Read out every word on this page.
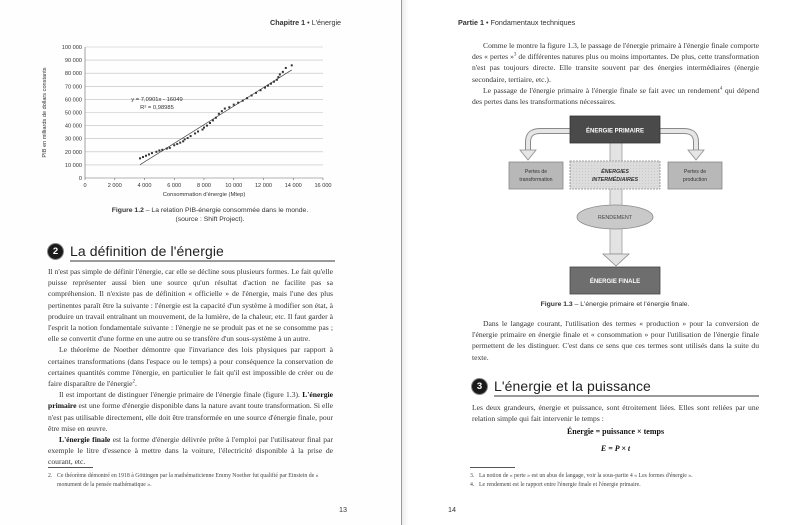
Chapitre 1 • L'énergie
0
10 000
20 000
30 000
40 000
50 000
60 000
70 000
80 000
90 000
100 000
0	2 000	4 000	6 000	8 000	10 000 12 000 14 000 16 000
Consommation d'énergie (Mtep)
PIB en milliards de dollars constants	y = 7,0901x - 16049
R² = 0,98985
Figure 1.2 – La relation PIB-énergie consommée dans le monde.
(source : Shift Project).
2 La définition de l'énergie

Il n'est pas simple de définir l'énergie, car elle se décline sous plusieurs formes. Le fait qu'elle puisse représenter aussi bien une source qu'un résultat d'action ne facilite pas sa compréhension. Il n'existe pas de définition « officielle » de l'énergie, mais l'une des plus pertinentes paraît être la suivante : l'énergie est la capacité d'un système à modifier son état, à produire un travail entraînant un mouvement, de la lumière, de la chaleur, etc. Il faut garder à l'esprit la notion fondamentale suivante : l'énergie ne se produit pas et ne se consomme pas ; elle se convertit d'une forme en une autre ou se transfère d'un sous-système à un autre.

Le théorème de Noether démontre que l'invariance des lois physiques par rapport à certaines transformations (dans l'espace ou le temps) a pour conséquence la conservation de certaines quantités comme l'énergie, en particulier le fait qu'il est impossible de créer ou de faire disparaître de l'énergie$^2$.

Il est important de distinguer l'énergie primaire de l'énergie finale (figure 1.3). L'énergie primaire est une forme d'énergie disponible dans la nature avant toute transformation. Si elle n'est pas utilisable directement, elle doit être transformée en une source d'énergie finale, pour être mise en œuvre.

L'énergie finale est la forme d'énergie délivrée prête à l'emploi par l'utilisateur final par exemple le litre d'essence à mettre dans la voiture, l'électricité disponible à la prise de courant, etc.

2. Ce théorème démontré en 1918 à Göttingen par la mathématicienne Emmy Noether fut qualifié par Einstein de « monument de la pensée mathématique ».
13
Partie 1 • Fondamentaux techniques

Comme le montre la figure 1.3, le passage de l'énergie primaire à l'énergie finale comporte des « pertes »$^3$ de différentes natures plus ou moins importantes. De plus, cette transformation n'est pas toujours directe. Elle transite souvent par des énergies intermédiaires (énergie secondaire, tertiaire, etc.).

Le passage de l'énergie primaire à l'énergie finale se fait avec un rendement$^4$ qui dépend des pertes dans les transformations nécessaires.

ÉNERGIE PRIMAIRE
Pertes de
transformation
Pertes de
production
ÉNERGIES
INTERMÉDIAIRES
RENDEMENT
ÉNERGIE FINALE
Figure 1.3 – L'énergie primaire et l'énergie finale.

Dans le langage courant, l'utilisation des termes « production » pour la conversion de l'énergie primaire en énergie finale et « consommation » pour l'utilisation de l'énergie finale permettent de les distinguer. C'est dans ce sens que ces termes sont utilisés dans la suite du texte.

3 L'énergie et la puissance

Les deux grandeurs, énergie et puissance, sont étroitement liées. Elles sont reliées par une relation simple qui fait intervenir le temps :

Énergie = puissance × temps
E = P × t
3. La notion de « perte » est un abus de langage, voir la sous-partie 4 « Les formes d'énergie ».
4. Le rendement est le rapport entre l'énergie finale et l'énergie primaire.
14
